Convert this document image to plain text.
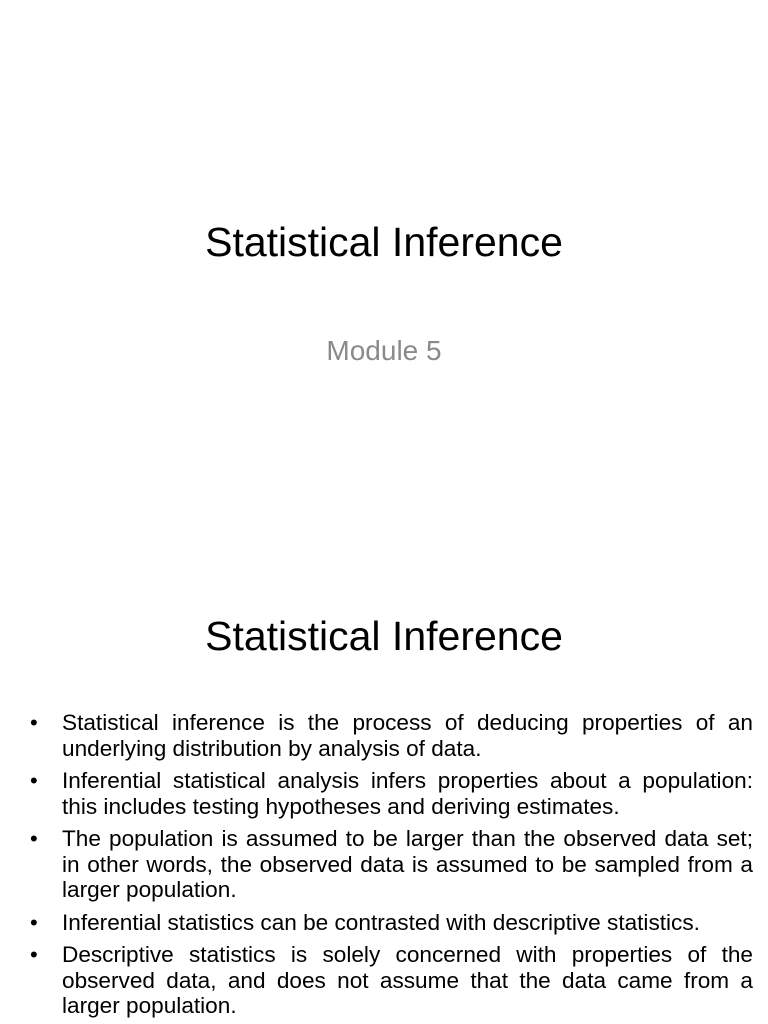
Statistical Inference
Module 5
Statistical Inference
• Statistical inference is the process of deducing properties of an underlying distribution by analysis of data.
• Inferential statistical analysis infers properties about a population: this includes testing hypotheses and deriving estimates.
• The population is assumed to be larger than the observed data set; in other words, the observed data is assumed to be sampled from a larger population.
• Inferential statistics can be contrasted with descriptive statistics.
• Descriptive statistics is solely concerned with properties of the observed data, and does not assume that the data came from a larger population.
